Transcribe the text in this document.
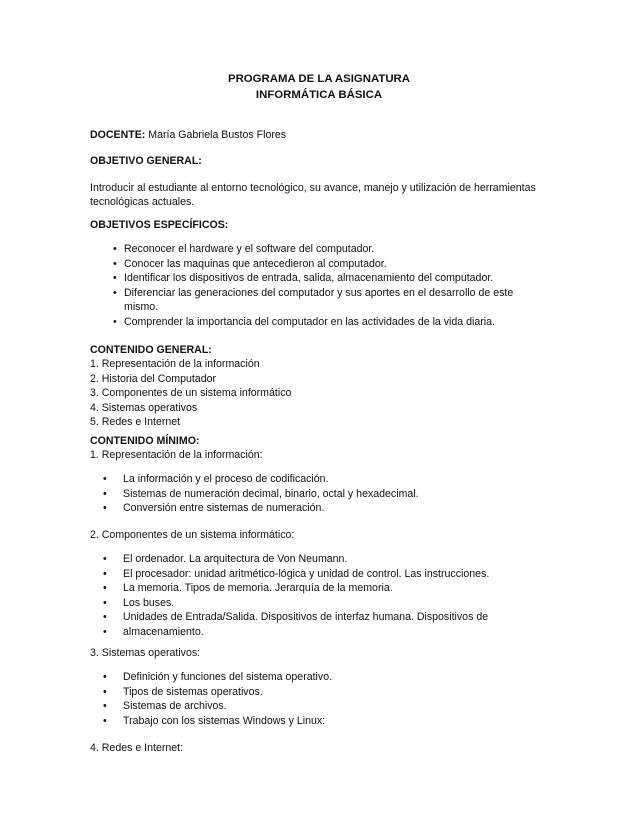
PROGRAMA DE LA ASIGNATURA
INFORMÁTICA BÁSICA
DOCENTE: María Gabriela Bustos Flores
OBJETIVO GENERAL:
Introducir al estudiante al entorno tecnológico, su avance, manejo y utilización de herramientas
tecnológicas actuales.
OBJETIVOS ESPECÍFICOS:
• Reconocer el hardware y el software del computador.
• Conocer las maquinas que antecedieron al computador.
• Identificar los dispositivos de entrada, salida, almacenamiento del computador.
• Diferenciar las generaciones del computador y sus aportes en el desarrollo de este
mismo.
• Comprender la importancia del computador en las actividades de la vida diaria.
CONTENIDO GENERAL:
1. Representación de la información
2. Historia del Computador
3. Componentes de un sistema informático
4. Sistemas operativos
5. Redes e Internet
CONTENIDO MÍNIMO:
1. Representación de la información:
• La información y el proceso de codificación.
• Sistemas de numeración decimal, binario, octal y hexadecimal.
• Conversión entre sistemas de numeración.
2. Componentes de un sistema informático:
• El ordenador. La arquitectura de Von Neumann.
• El procesador: unidad aritmético-lógica y unidad de control. Las instrucciones.
• La memoria. Tipos de memoria. Jerarquía de la memoria.
• Los buses.
• Unidades de Entrada/Salida. Dispositivos de interfaz humana. Dispositivos de
• almacenamiento.
3. Sistemas operativos:
• Definición y funciones del sistema operativo.
• Tipos de sistemas operativos.
• Sistemas de archivos.
• Trabajo con los sistemas Windows y Linux:
4. Redes e Internet:
